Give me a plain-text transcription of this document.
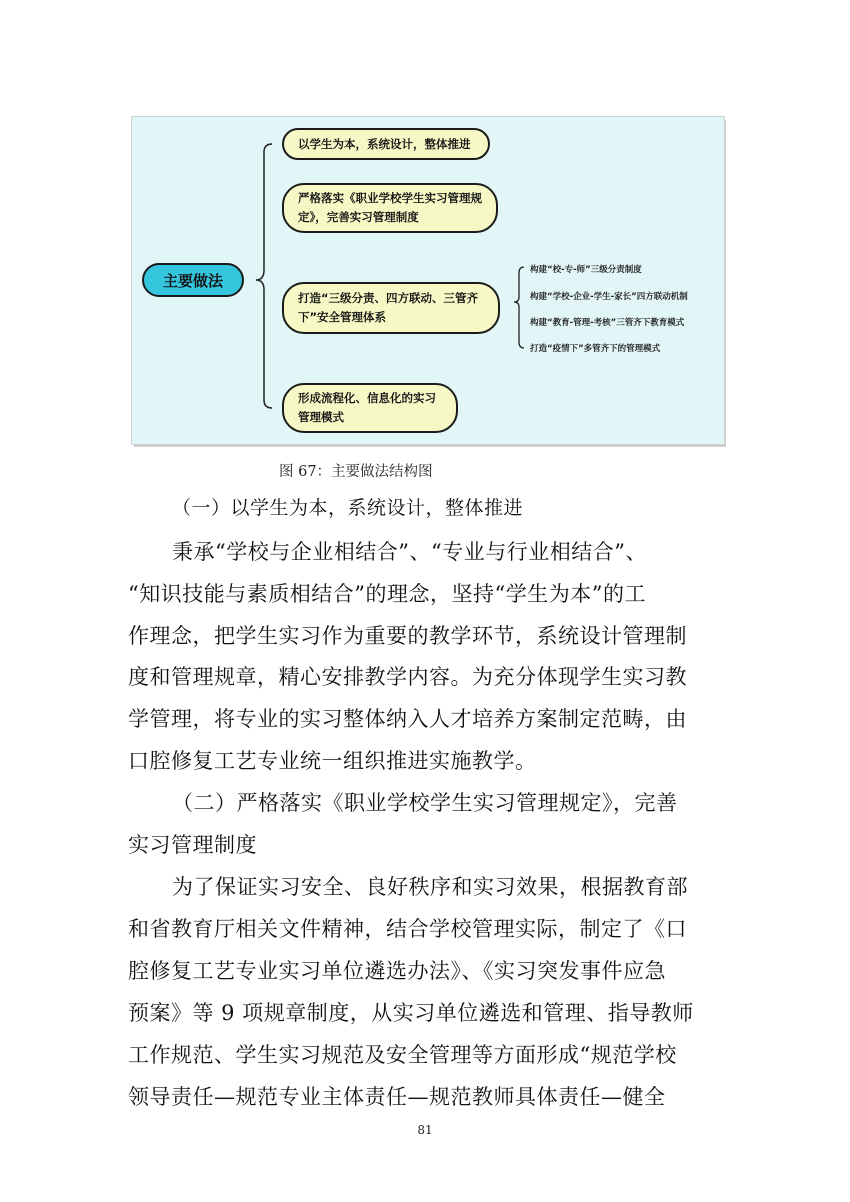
主要做法
以学生为本，系统设计，整体推进
严格落实《职业学校学生实习管理规定》，完善实习管理制度
打造“三级分责、四方联动、三管齐下”安全管理体系
形成流程化、信息化的实习管理模式
构建“校-专-师”三级分责制度
构建“学校-企业-学生-家长”四方联动机制
构建“教育-管理-考核”三管齐下教育模式
打造“疫情下”多管齐下的管理模式
图 67：主要做法结构图
（一）以学生为本，系统设计，整体推进
秉承“学校与企业相结合”、“专业与行业相结合”、
“知识技能与素质相结合”的理念，坚持“学生为本”的工
作理念，把学生实习作为重要的教学环节，系统设计管理制
度和管理规章，精心安排教学内容。为充分体现学生实习教
学管理，将专业的实习整体纳入人才培养方案制定范畴，由
口腔修复工艺专业统一组织推进实施教学。
（二）严格落实《职业学校学生实习管理规定》，完善
实习管理制度
为了保证实习安全、良好秩序和实习效果，根据教育部
和省教育厅相关文件精神，结合学校管理实际，制定了《口
腔修复工艺专业实习单位遴选办法》、《实习突发事件应急
预案》等 9 项规章制度，从实习单位遴选和管理、指导教师
工作规范、学生实习规范及安全管理等方面形成“规范学校
领导责任—规范专业主体责任—规范教师具体责任—健全
81
